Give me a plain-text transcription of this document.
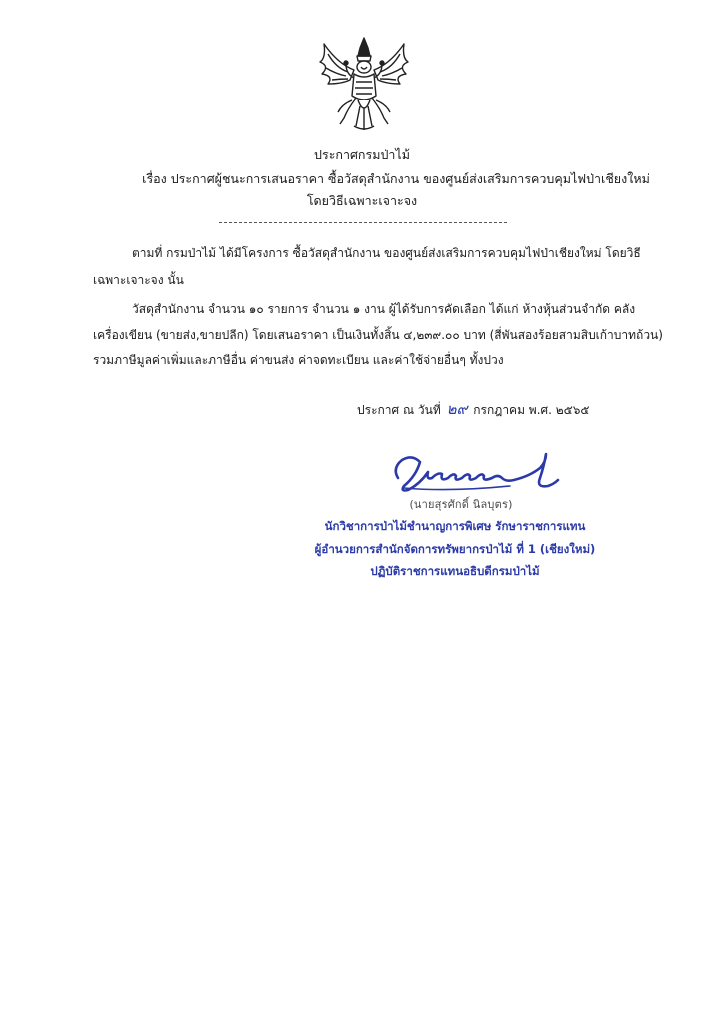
ประกาศกรมป่าไม้
เรื่อง ประกาศผู้ชนะการเสนอราคา ซื้อวัสดุสำนักงาน ของศูนย์ส่งเสริมการควบคุมไฟป่าเชียงใหม่
โดยวิธีเฉพาะเจาะจง
ตามที่ กรมป่าไม้ ได้มีโครงการ ซื้อวัสดุสำนักงาน ของศูนย์ส่งเสริมการควบคุมไฟป่าเชียงใหม่ โดยวิธี
เฉพาะเจาะจง นั้น
วัสดุสำนักงาน จำนวน ๑๐ รายการ จำนวน ๑ งาน ผู้ได้รับการคัดเลือก ได้แก่ ห้างหุ้นส่วนจำกัด คลัง
เครื่องเขียน (ขายส่ง,ขายปลีก) โดยเสนอราคา เป็นเงินทั้งสิ้น ๔,๒๓๙.๐๐ บาท (สี่พันสองร้อยสามสิบเก้าบาทถ้วน)
รวมภาษีมูลค่าเพิ่มและภาษีอื่น ค่าขนส่ง ค่าจดทะเบียน และค่าใช้จ่ายอื่นๆ ทั้งปวง
ประกาศ ณ วันที่ ๒๙ กรกฎาคม พ.ศ. ๒๕๖๕
(นายสุรศักดิ์ นิลบุตร)
นักวิชาการป่าไม้ชำนาญการพิเศษ รักษาราชการแทน
ผู้อำนวยการสำนักจัดการทรัพยากรป่าไม้ ที่ 1 (เชียงใหม่)
ปฏิบัติราชการแทนอธิบดีกรมป่าไม้
